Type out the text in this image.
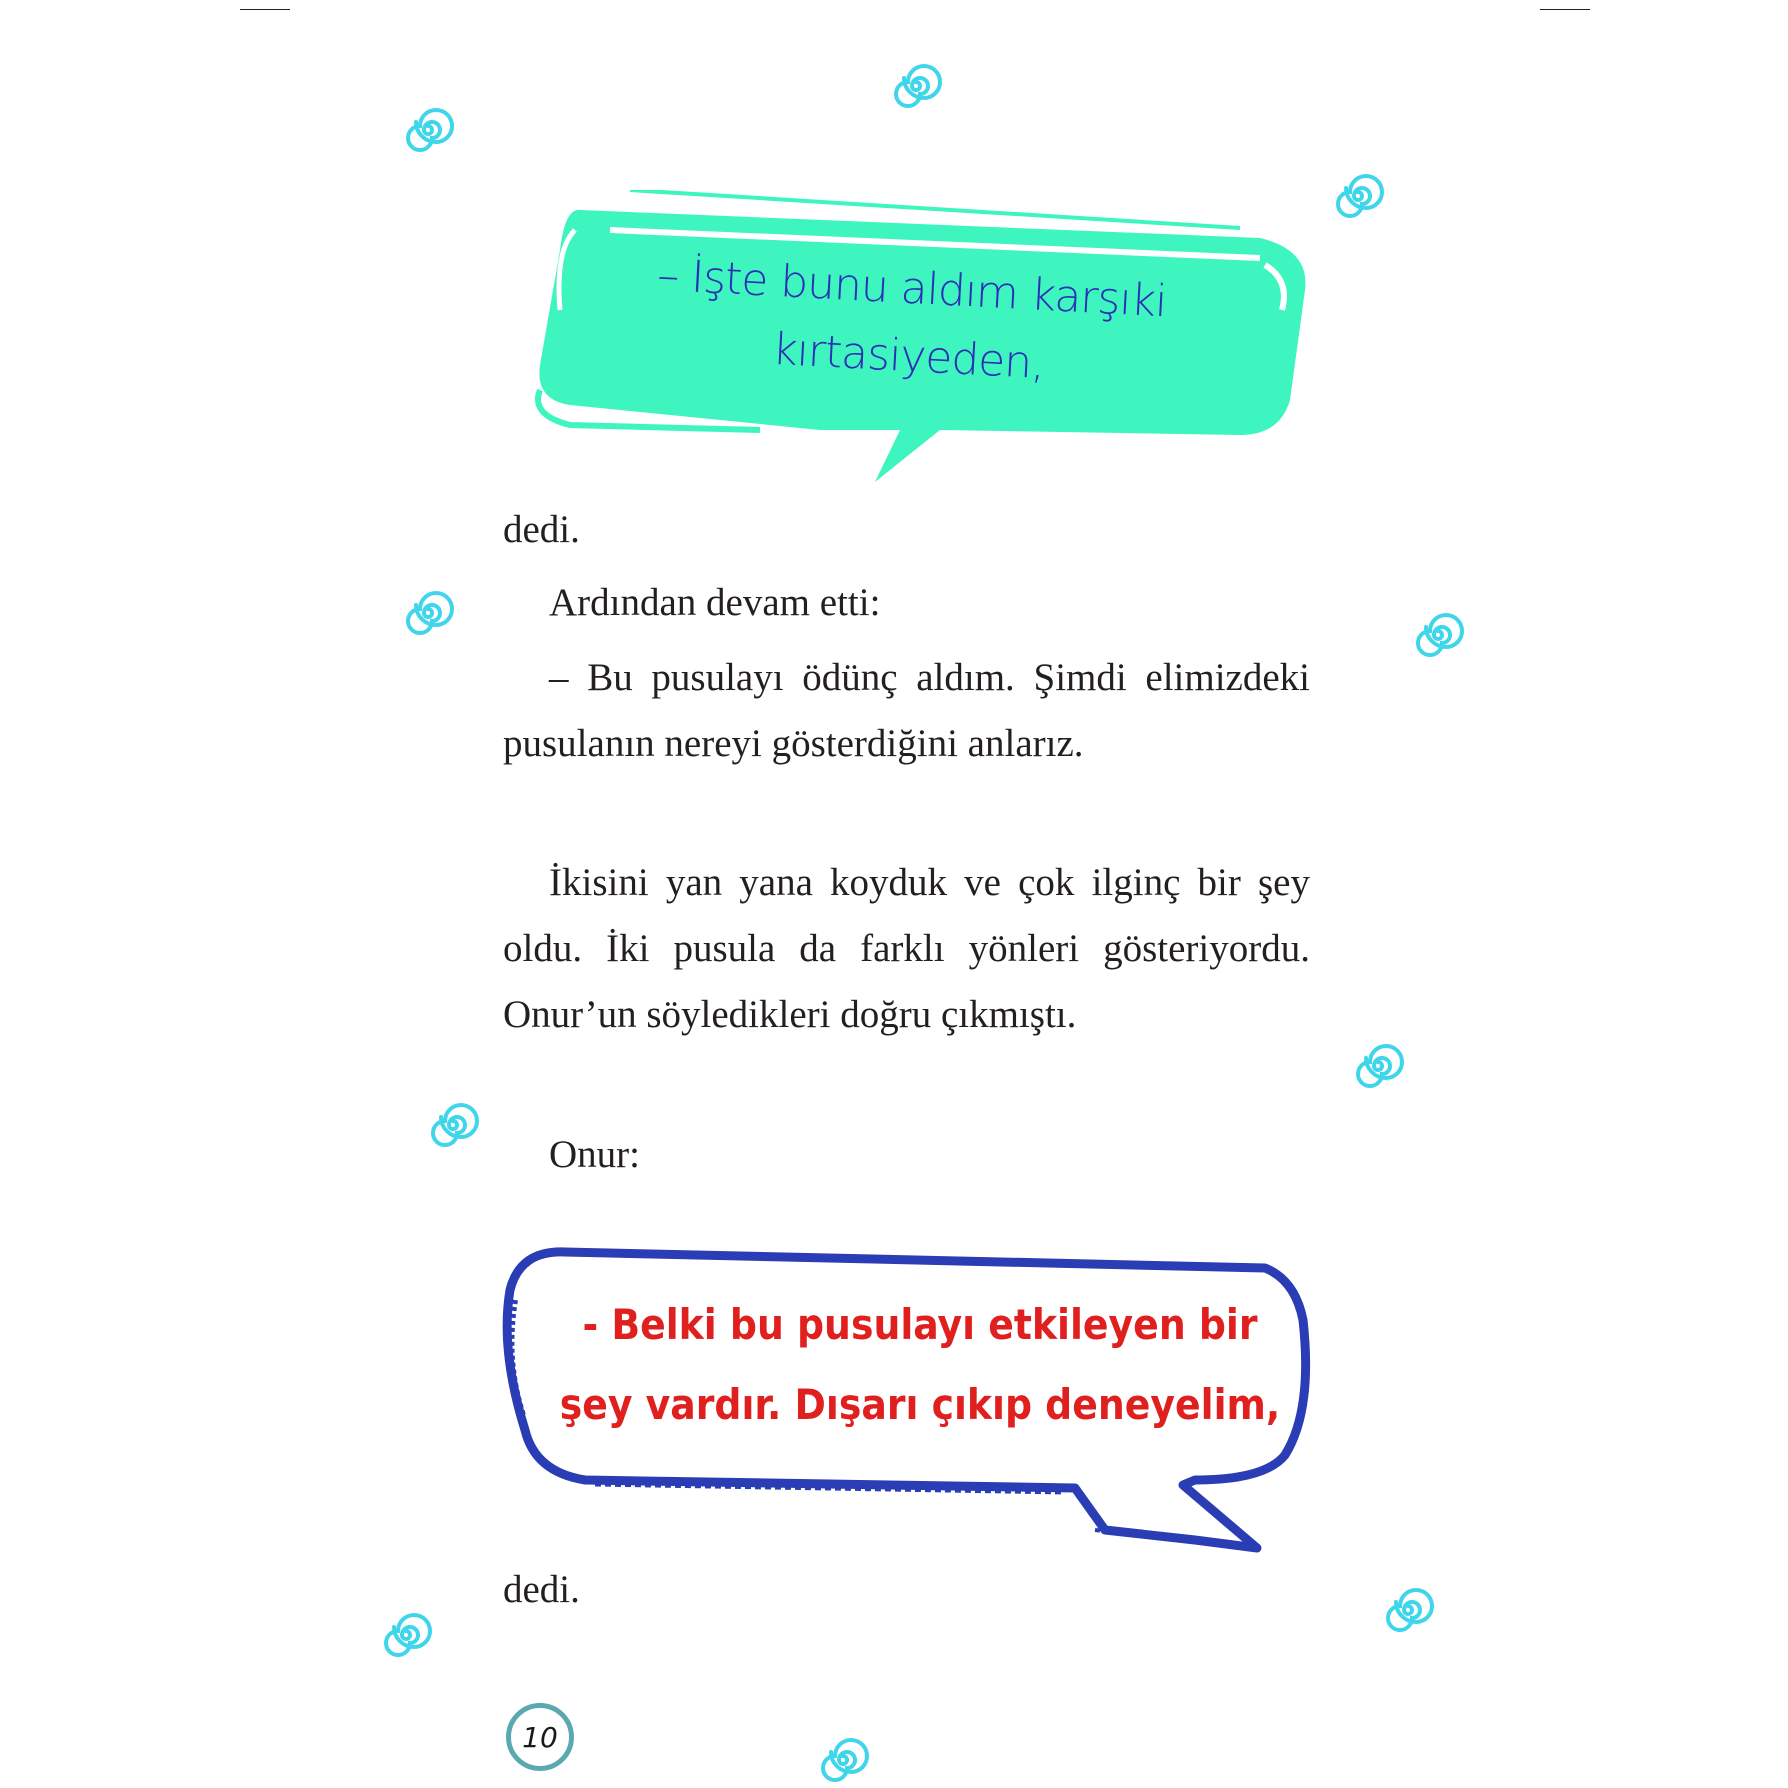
– İşte bunu aldım karşıki
kırtasiyeden,

dedi.

Ardından devam etti:

– Bu pusulayı ödünç aldım. Şimdi elimizdeki pusulanın nereyi gösterdiğini anlarız.

İkisini yan yana koyduk ve çok ilginç bir şey oldu. İki pusula da farklı yönleri gösteriyordu. Onur’un söyledikleri doğru çıkmıştı.

Onur:

- Belki bu pusulayı etkileyen bir
şey vardır. Dışarı çıkıp deneyelim,

dedi.

10
